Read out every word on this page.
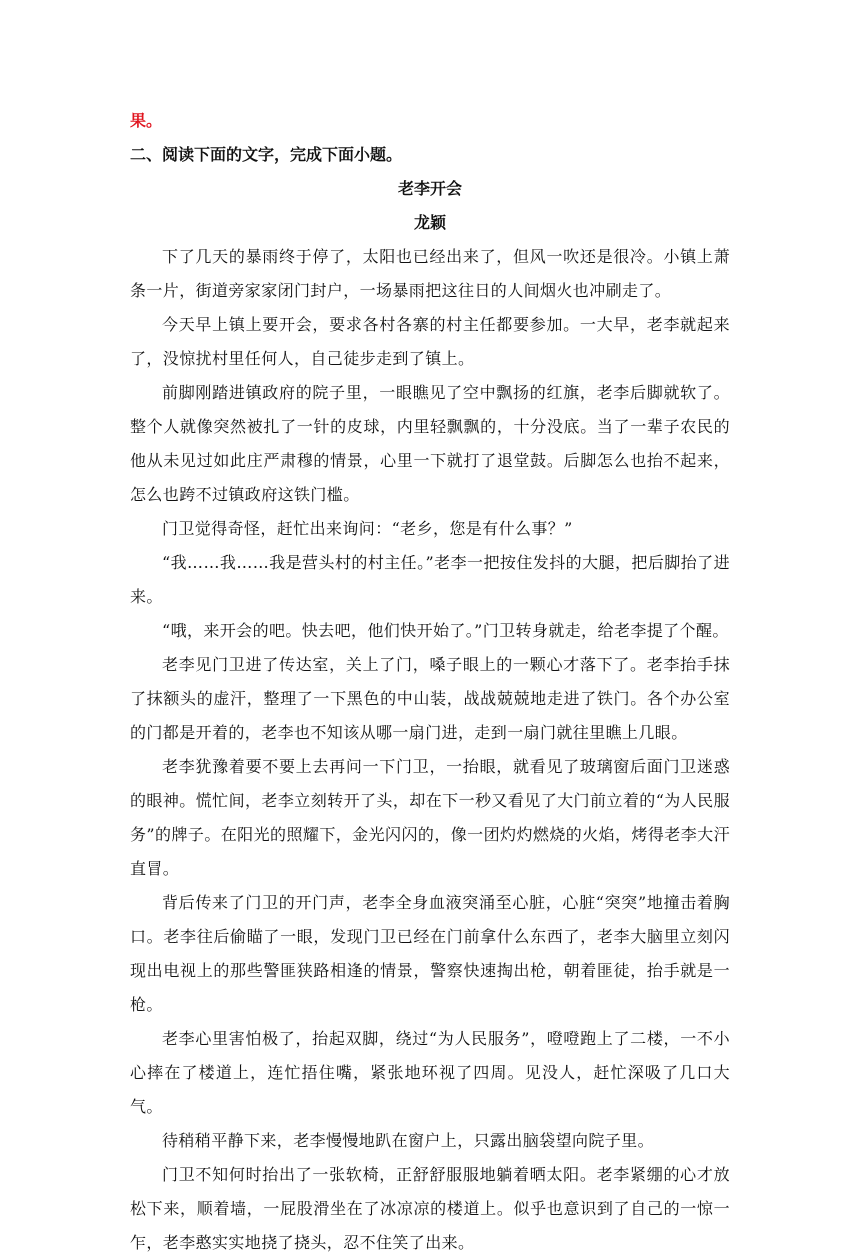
果。

二、阅读下面的文字，完成下面小题。

老李开会

龙颖

下了几天的暴雨终于停了，太阳也已经出来了，但风一吹还是很冷。小镇上萧条一片，街道旁家家闭门封户，一场暴雨把这往日的人间烟火也冲刷走了。

今天早上镇上要开会，要求各村各寨的村主任都要参加。一大早，老李就起来了，没惊扰村里任何人，自己徒步走到了镇上。

前脚刚踏进镇政府的院子里，一眼瞧见了空中飘扬的红旗，老李后脚就软了。整个人就像突然被扎了一针的皮球，内里轻飘飘的，十分没底。当了一辈子农民的他从未见过如此庄严肃穆的情景，心里一下就打了退堂鼓。后脚怎么也抬不起来，怎么也跨不过镇政府这铁门槛。

门卫觉得奇怪，赶忙出来询问：“老乡，您是有什么事？”

“我……我……我是营头村的村主任。”老李一把按住发抖的大腿，把后脚抬了进来。

“哦，来开会的吧。快去吧，他们快开始了。”门卫转身就走，给老李提了个醒。

老李见门卫进了传达室，关上了门，嗓子眼上的一颗心才落下了。老李抬手抹了抹额头的虚汗，整理了一下黑色的中山装，战战兢兢地走进了铁门。各个办公室的门都是开着的，老李也不知该从哪一扇门进，走到一扇门就往里瞧上几眼。

老李犹豫着要不要上去再问一下门卫，一抬眼，就看见了玻璃窗后面门卫迷惑的眼神。慌忙间，老李立刻转开了头，却在下一秒又看见了大门前立着的“为人民服务”的牌子。在阳光的照耀下，金光闪闪的，像一团灼灼燃烧的火焰，烤得老李大汗直冒。

背后传来了门卫的开门声，老李全身血液突涌至心脏，心脏“突突”地撞击着胸口。老李往后偷瞄了一眼，发现门卫已经在门前拿什么东西了，老李大脑里立刻闪现出电视上的那些警匪狭路相逢的情景，警察快速掏出枪，朝着匪徒，抬手就是一枪。

老李心里害怕极了，抬起双脚，绕过“为人民服务”，噔噔跑上了二楼，一不小心摔在了楼道上，连忙捂住嘴，紧张地环视了四周。见没人，赶忙深吸了几口大气。

待稍稍平静下来，老李慢慢地趴在窗户上，只露出脑袋望向院子里。

门卫不知何时抬出了一张软椅，正舒舒服服地躺着晒太阳。老李紧绷的心才放松下来，顺着墙，一屁股滑坐在了冰凉凉的楼道上。似乎也意识到了自己的一惊一乍，老李憨实实地挠了挠头，忍不住笑了出来。
